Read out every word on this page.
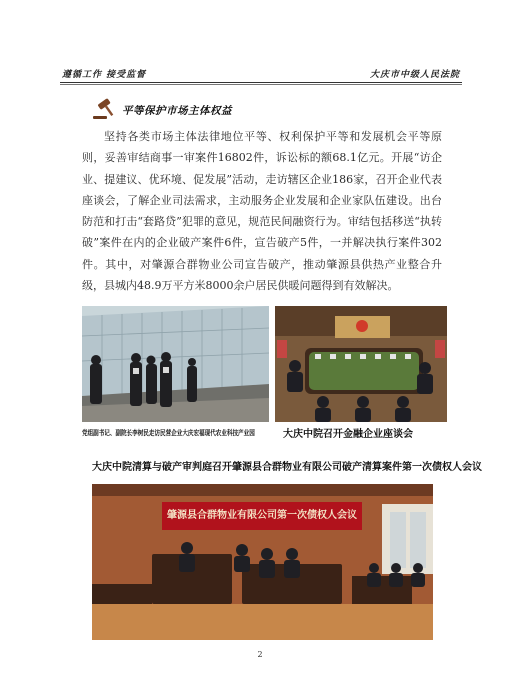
遵循工作 接受监督	大庆市中级人民法院
平等保护市场主体权益

坚持各类市场主体法律地位平等、权利保护平等和发展机会平等原则，妥善审结商事一审案件16802件，诉讼标的额68.1亿元。开展“访企业、提建议、优环境、促发展”活动，走访辖区企业186家，召开企业代表座谈会，了解企业司法需求，主动服务企业发展和企业家队伍建设。出台防范和打击“套路贷”犯罪的意见，规范民间融资行为。审结包括移送“执转破”案件在内的企业破产案件6件，宣告破产5件，一并解决执行案件302件。其中，对肇源合群物业公司宣告破产，推动肇源县供热产业整合升级，县城内48.9万平方米8000余户居民供暖问题得到有效解决。

党组副书记、副院长李树民走访民营企业大庆宏福现代农业科技产业园	大庆中院召开金融企业座谈会
大庆中院清算与破产审判庭召开肇源县合群物业有限公司破产清算案件第一次债权人会议
肇源县合群物业有限公司第一次债权人会议
2
